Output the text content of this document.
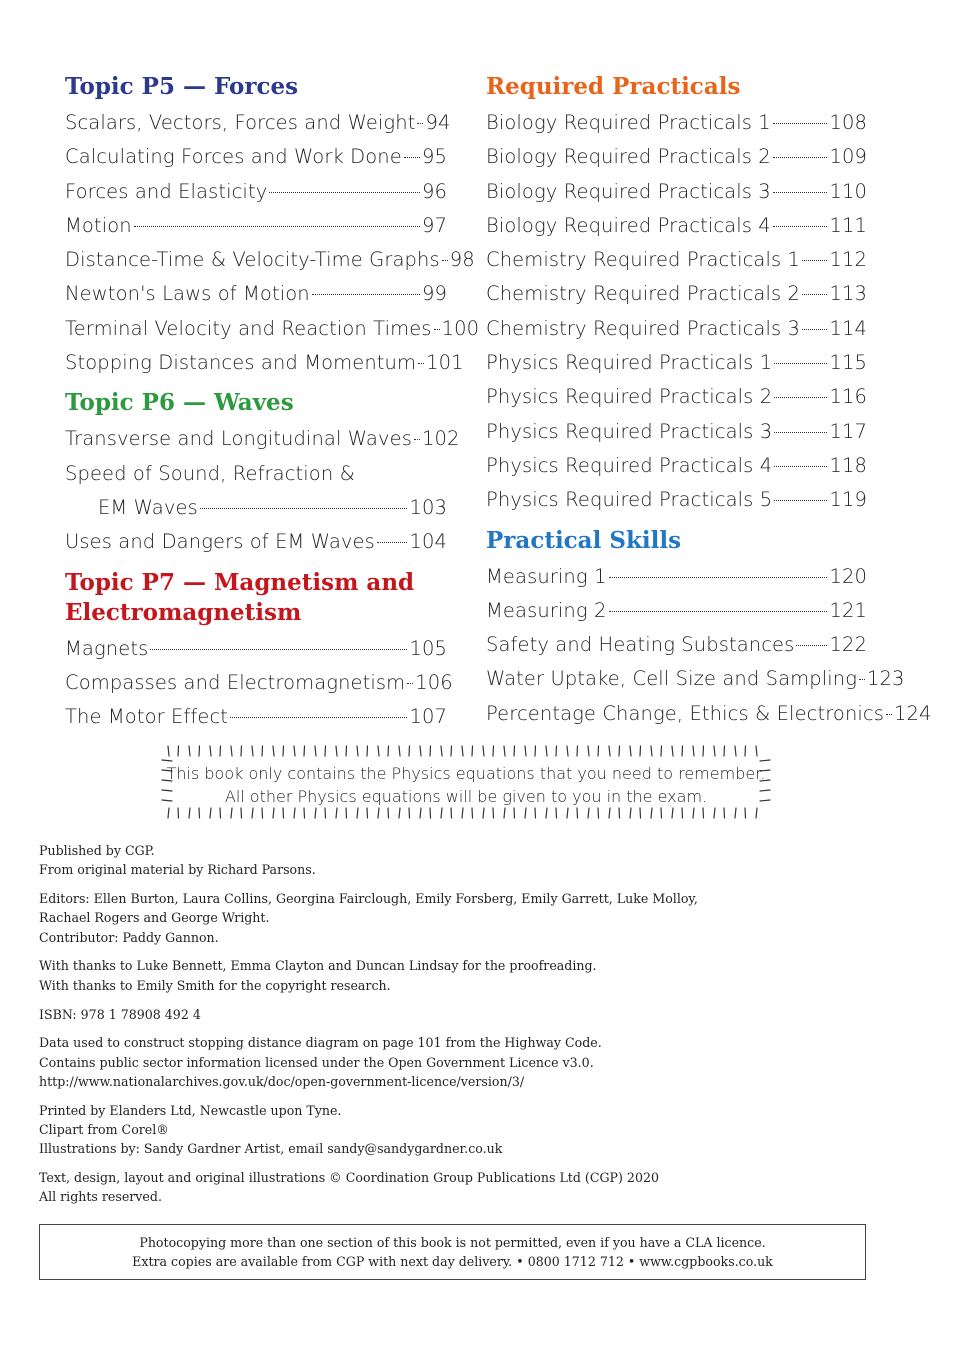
Topic P5 — Forces
Scalars, Vectors, Forces and Weight 94
Calculating Forces and Work Done 95
Forces and Elasticity	96
Motion	97
Distance-Time & Velocity-Time Graphs 98
Newton's Laws of Motion	99
Terminal Velocity and Reaction Times 100
Stopping Distances and Momentum 101
Topic P6 — Waves
Transverse and Longitudinal Waves 102
Speed of Sound, Refraction &
EM Waves	103
Uses and Dangers of EM Waves 104
Topic P7 — Magnetism and
Electromagnetism
Magnets	105
Compasses and Electromagnetism 106
The Motor Effect	107
Required Practicals
Biology Required Practicals 1	108
Biology Required Practicals 2	109
Biology Required Practicals 3	110
Biology Required Practicals 4	111
Chemistry Required Practicals 1 112
Chemistry Required Practicals 2 113
Chemistry Required Practicals 3 114
Physics Required Practicals 1	115
Physics Required Practicals 2	116
Physics Required Practicals 3	117
Physics Required Practicals 4	118
Physics Required Practicals 5	119
Practical Skills
Measuring 1	120
Measuring 2	121
Safety and Heating Substances 122
Water Uptake, Cell Size and Sampling 123
Percentage Change, Ethics & Electronics 124
This book only contains the Physics equations that you need to remember.
All other Physics equations will be given to you in the exam.

Published by CGP.
From original material by Richard Parsons.

Editors: Ellen Burton, Laura Collins, Georgina Fairclough, Emily Forsberg, Emily Garrett, Luke Molloy,
Rachael Rogers and George Wright.
Contributor: Paddy Gannon.

With thanks to Luke Bennett, Emma Clayton and Duncan Lindsay for the proofreading.
With thanks to Emily Smith for the copyright research.

ISBN: 978 1 78908 492 4

Data used to construct stopping distance diagram on page 101 from the Highway Code.
Contains public sector information licensed under the Open Government Licence v3.0.
http://www.nationalarchives.gov.uk/doc/open-government-licence/version/3/

Printed by Elanders Ltd, Newcastle upon Tyne.
Clipart from Corel®
Illustrations by: Sandy Gardner Artist, email sandy@sandygardner.co.uk

Text, design, layout and original illustrations © Coordination Group Publications Ltd (CGP) 2020
All rights reserved.

Photocopying more than one section of this book is not permitted, even if you have a CLA licence.
Extra copies are available from CGP with next day delivery. • 0800 1712 712 • www.cgpbooks.co.uk
